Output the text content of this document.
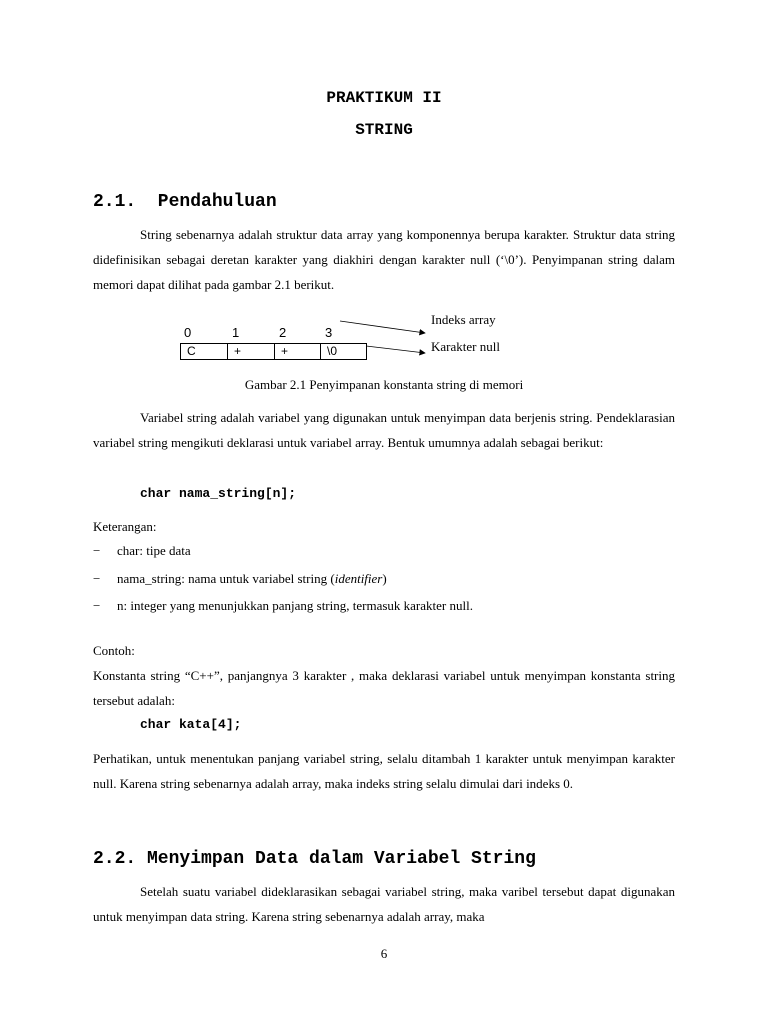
PRAKTIKUM II
STRING
2.1.  Pendahuluan

String sebenarnya adalah struktur data array yang komponennya berupa karakter. Struktur data string didefinisikan sebagai deretan karakter yang diakhiri dengan karakter null (‘\0’). Penyimpanan string dalam memori dapat dilihat pada gambar 2.1 berikut.

0	1	2	3
C	+	+	\0
Indeks array
Karakter null
Gambar 2.1 Penyimpanan konstanta string di memori

Variabel string adalah variabel yang digunakan untuk menyimpan data berjenis string. Pendeklarasian variabel string mengikuti deklarasi untuk variabel array. Bentuk umumnya adalah sebagai berikut:

char nama_string[n];
Keterangan:
− char: tipe data
− nama_string: nama untuk variabel string (identifier)
− n: integer yang menunjukkan panjang string, termasuk karakter null.
Contoh:

Konstanta string “C++”, panjangnya 3 karakter , maka deklarasi variabel untuk menyimpan konstanta string tersebut adalah:

char kata[4];

Perhatikan, untuk menentukan panjang variabel string, selalu ditambah 1 karakter untuk menyimpan karakter null. Karena string sebenarnya adalah array, maka indeks string selalu dimulai dari indeks 0.

2.2. Menyimpan Data dalam Variabel String

Setelah suatu variabel dideklarasikan sebagai variabel string, maka varibel tersebut dapat digunakan untuk menyimpan data string. Karena string sebenarnya adalah array, maka

6
